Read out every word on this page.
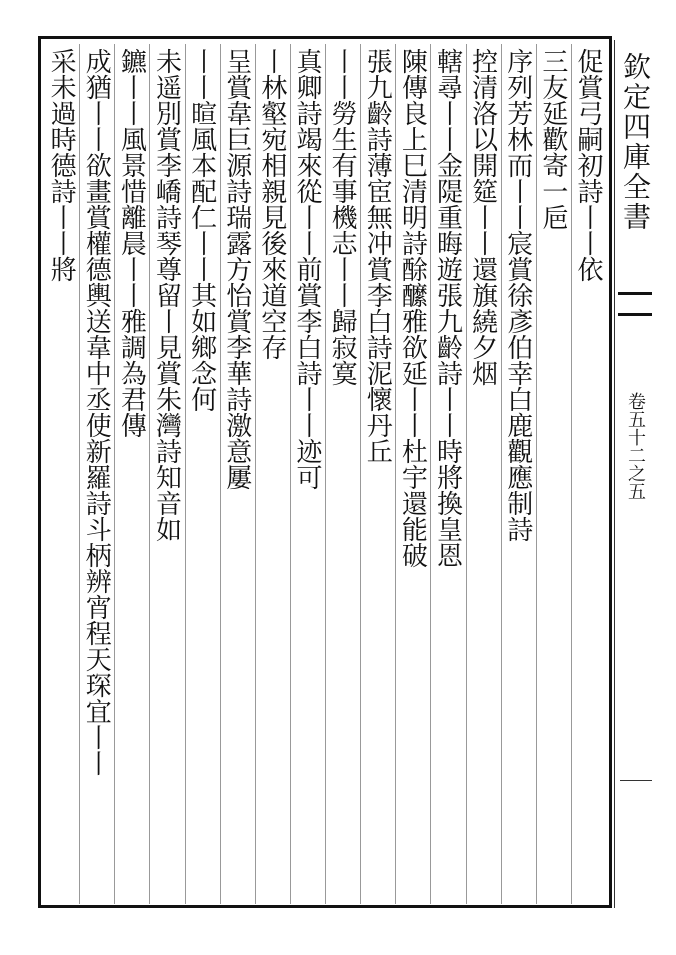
欽定四庫全書
卷五十二之五
促賞弓嗣初詩丨丨依
三友延歡寄一巵
序列芳林而丨丨宸賞徐彥伯幸白鹿觀應制詩
控清洛以開筵丨丨還旗繞夕烟
轄尋丨丨金隄重晦遊張九齡詩丨丨時將換皇恩
陳傳良上巳清明詩酴醿雅欲延丨丨杜宇還能破
張九齡詩薄宦無冲賞李白詩泥懷丹丘
丨丨勞生有事機志丨丨歸寂寞
真卿詩竭來從丨丨前賞李白詩丨丨迹可
丨林壑宛相親見後來道空存
呈賞韋巨源詩瑞露方怡賞李華詩激意屢
丨丨暄風本配仁丨丨其如鄉念何
未遥別賞李嶠詩琴尊留丨見賞朱灣詩知音如
鑣丨丨風景惜離晨丨丨雅調為君傳
成猶丨丨欲畫賞權德輿送韋中丞使新羅詩斗柄辨宵程天琛宜丨丨
采未過時德詩丨丨將
